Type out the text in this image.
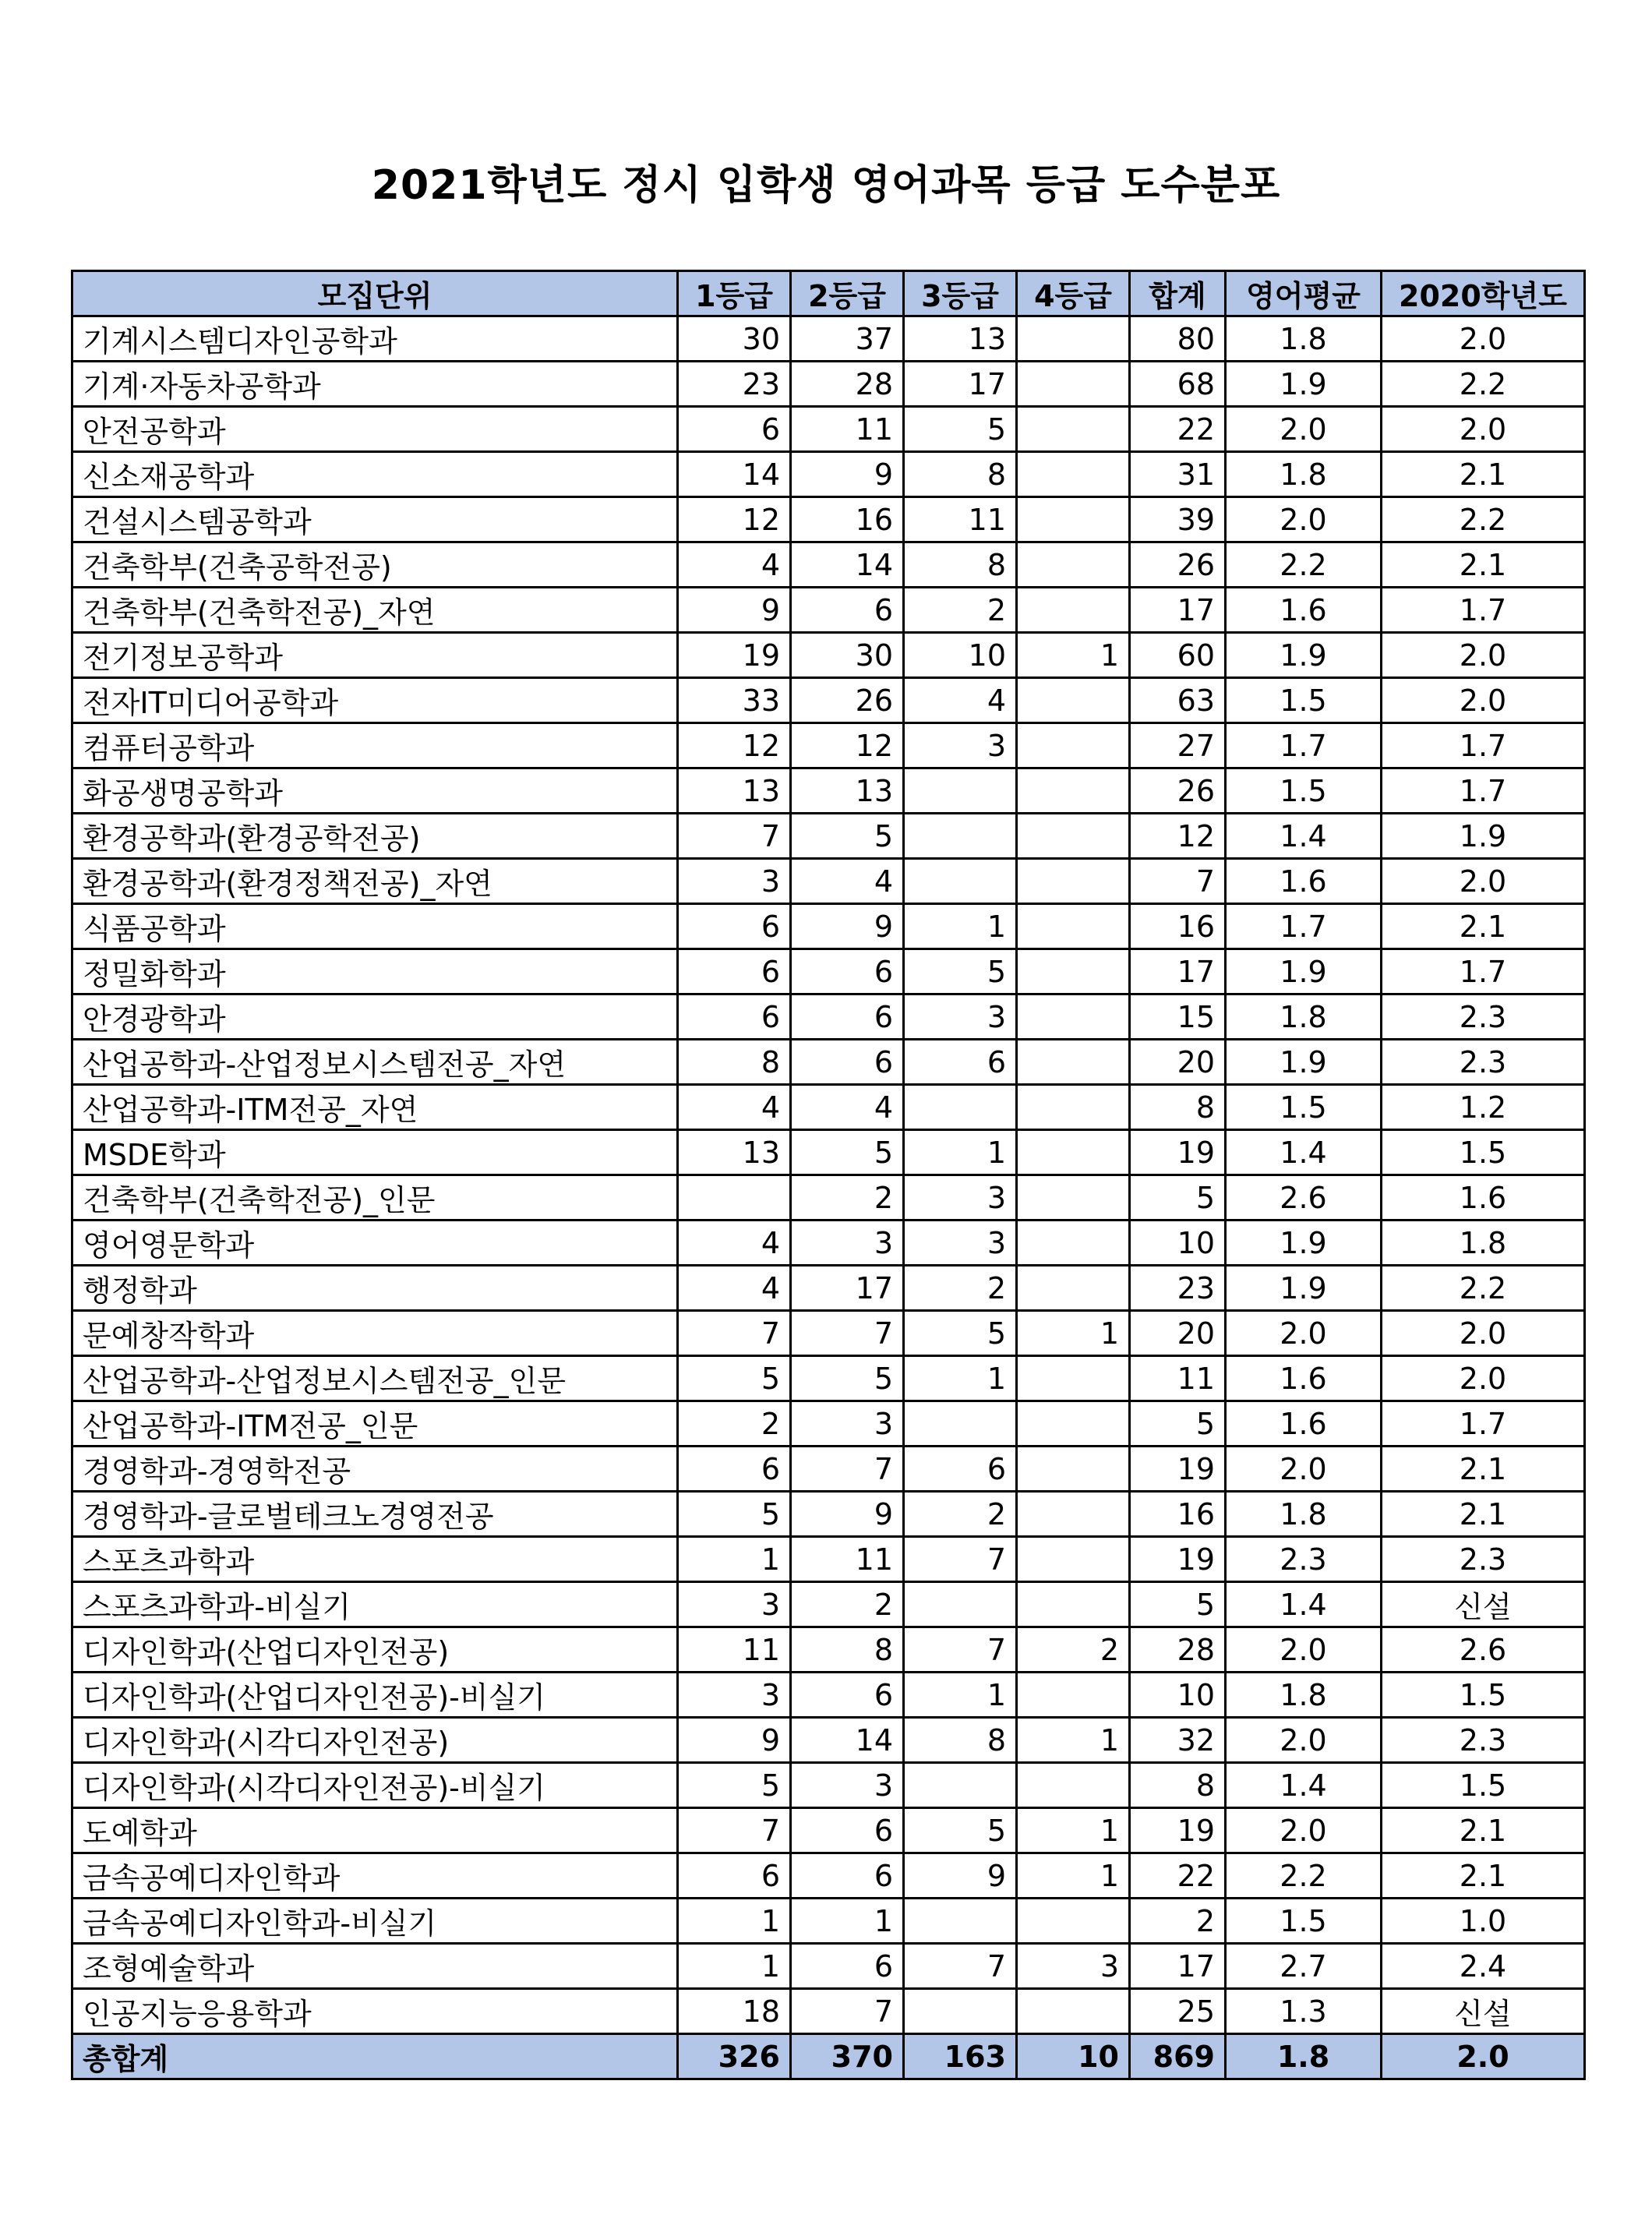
2021학년도 정시 입학생 영어과목 등급 도수분포
모집단위	1등급	2등급	3등급	4등급	합계	영어평균	2020학년도
기계시스템디자인공학과	30	37	13		80	1.8	2.0
기계·자동차공학과	23	28	17		68	1.9	2.2
안전공학과	6	11	5		22	2.0	2.0
신소재공학과	14	9	8		31	1.8	2.1
건설시스템공학과	12	16	11		39	2.0	2.2
건축학부(건축공학전공)	4	14	8		26	2.2	2.1
건축학부(건축학전공)_자연	9	6	2		17	1.6	1.7
전기정보공학과	19	30	10	1	60	1.9	2.0
전자IT미디어공학과	33	26	4		63	1.5	2.0
컴퓨터공학과	12	12	3		27	1.7	1.7
화공생명공학과	13	13			26	1.5	1.7
환경공학과(환경공학전공)	7	5			12	1.4	1.9
환경공학과(환경정책전공)_자연	3	4			7	1.6	2.0
식품공학과	6	9	1		16	1.7	2.1
정밀화학과	6	6	5		17	1.9	1.7
안경광학과	6	6	3		15	1.8	2.3
산업공학과-산업정보시스템전공_자연	8	6	6		20	1.9	2.3
산업공학과-ITM전공_자연	4	4			8	1.5	1.2
MSDE학과	13	5	1		19	1.4	1.5
건축학부(건축학전공)_인문		2	3		5	2.6	1.6
영어영문학과	4	3	3		10	1.9	1.8
행정학과	4	17	2		23	1.9	2.2
문예창작학과	7	7	5	1	20	2.0	2.0
산업공학과-산업정보시스템전공_인문	5	5	1		11	1.6	2.0
산업공학과-ITM전공_인문	2	3			5	1.6	1.7
경영학과-경영학전공	6	7	6		19	2.0	2.1
경영학과-글로벌테크노경영전공	5	9	2		16	1.8	2.1
스포츠과학과	1	11	7		19	2.3	2.3
스포츠과학과-비실기	3	2			5	1.4	신설
디자인학과(산업디자인전공)	11	8	7	2	28	2.0	2.6
디자인학과(산업디자인전공)-비실기	3	6	1		10	1.8	1.5
디자인학과(시각디자인전공)	9	14	8	1	32	2.0	2.3
디자인학과(시각디자인전공)-비실기	5	3			8	1.4	1.5
도예학과	7	6	5	1	19	2.0	2.1
금속공예디자인학과	6	6	9	1	22	2.2	2.1
금속공예디자인학과-비실기	1	1			2	1.5	1.0
조형예술학과	1	6	7	3	17	2.7	2.4
인공지능응용학과	18	7			25	1.3	신설
총합계	326	370	163	10	869	1.8	2.0
